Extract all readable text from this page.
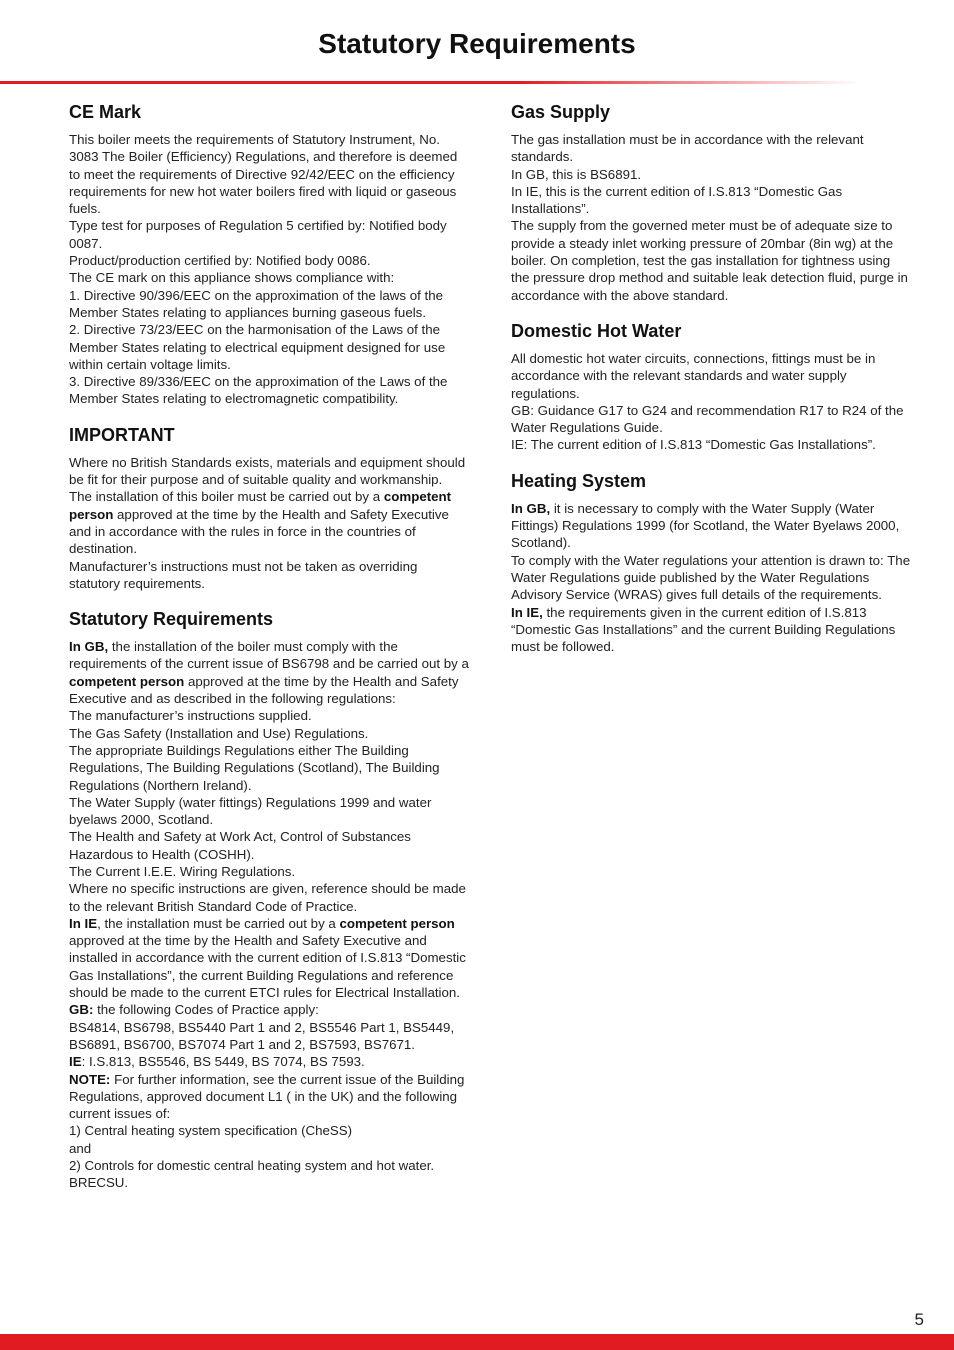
Statutory Requirements
CE Mark

This boiler meets the requirements of Statutory Instrument, No. 3083 The Boiler (Efficiency) Regulations, and therefore is deemed to meet the requirements of Directive 92/42/EEC on the efficiency requirements for new hot water boilers fired with liquid or gaseous fuels.

Type test for purposes of Regulation 5 certified by: Notified body 0087.

Product/production certified by: Notified body 0086.

The CE mark on this appliance shows compliance with:

1. Directive 90/396/EEC on the approximation of the laws of the Member States relating to appliances burning gaseous fuels.

2. Directive 73/23/EEC on the harmonisation of the Laws of the Member States relating to electrical equipment designed for use within certain voltage limits.

3. Directive 89/336/EEC on the approximation of the Laws of the Member States relating to electromagnetic compatibility.

IMPORTANT

Where no British Standards exists, materials and equipment should be fit for their purpose and of suitable quality and workmanship.

The installation of this boiler must be carried out by a competent person approved at the time by the Health and Safety Executive and in accordance with the rules in force in the countries of destination.

Manufacturer’s instructions must not be taken as overriding statutory requirements.

Statutory Requirements

In GB, the installation of the boiler must comply with the requirements of the current issue of BS6798 and be carried out by a competent person approved at the time by the Health and Safety Executive and as described in the following regulations:

The manufacturer’s instructions supplied.

The Gas Safety (Installation and Use) Regulations.

The appropriate Buildings Regulations either The Building Regulations, The Building Regulations (Scotland), The Building Regulations (Northern Ireland).

The Water Supply (water fittings) Regulations 1999 and water byelaws 2000, Scotland.

The Health and Safety at Work Act, Control of Substances Hazardous to Health (COSHH).

The Current I.E.E. Wiring Regulations.

Where no specific instructions are given, reference should be made to the relevant British Standard Code of Practice.

In IE, the installation must be carried out by a competent person approved at the time by the Health and Safety Executive and installed in accordance with the current edition of I.S.813 “Domestic Gas Installations”, the current Building Regulations and reference should be made to the current ETCI rules for Electrical Installation.

GB: the following Codes of Practice apply:

BS4814, BS6798, BS5440 Part 1 and 2, BS5546 Part 1, BS5449, BS6891, BS6700, BS7074 Part 1 and 2, BS7593, BS7671.

IE: I.S.813, BS5546, BS 5449, BS 7074, BS 7593.

NOTE: For further information, see the current issue of the Building Regulations, approved document L1 ( in the UK) and the following current issues of:

1) Central heating system specification (CheSS)

and

2) Controls for domestic central heating system and hot water. BRECSU.

Gas Supply

The gas installation must be in accordance with the relevant standards.

In GB, this is BS6891.

In IE, this is the current edition of I.S.813 “Domestic Gas Installations”.

The supply from the governed meter must be of adequate size to provide a steady inlet working pressure of 20mbar (8in wg) at the boiler. On completion, test the gas installation for tightness using the pressure drop method and suitable leak detection fluid, purge in accordance with the above standard.

Domestic Hot Water

All domestic hot water circuits, connections, fittings must be in accordance with the relevant standards and water supply regulations.

GB: Guidance G17 to G24 and recommendation R17 to R24 of the Water Regulations Guide.

IE: The current edition of I.S.813 “Domestic Gas Installations”.

Heating System

In GB, it is necessary to comply with the Water Supply (Water Fittings) Regulations 1999 (for Scotland, the Water Byelaws 2000, Scotland).

To comply with the Water regulations your attention is drawn to: The Water Regulations guide published by the Water Regulations Advisory Service (WRAS) gives full details of the requirements.

In IE, the requirements given in the current edition of I.S.813 “Domestic Gas Installations” and the current Building Regulations must be followed.

5
